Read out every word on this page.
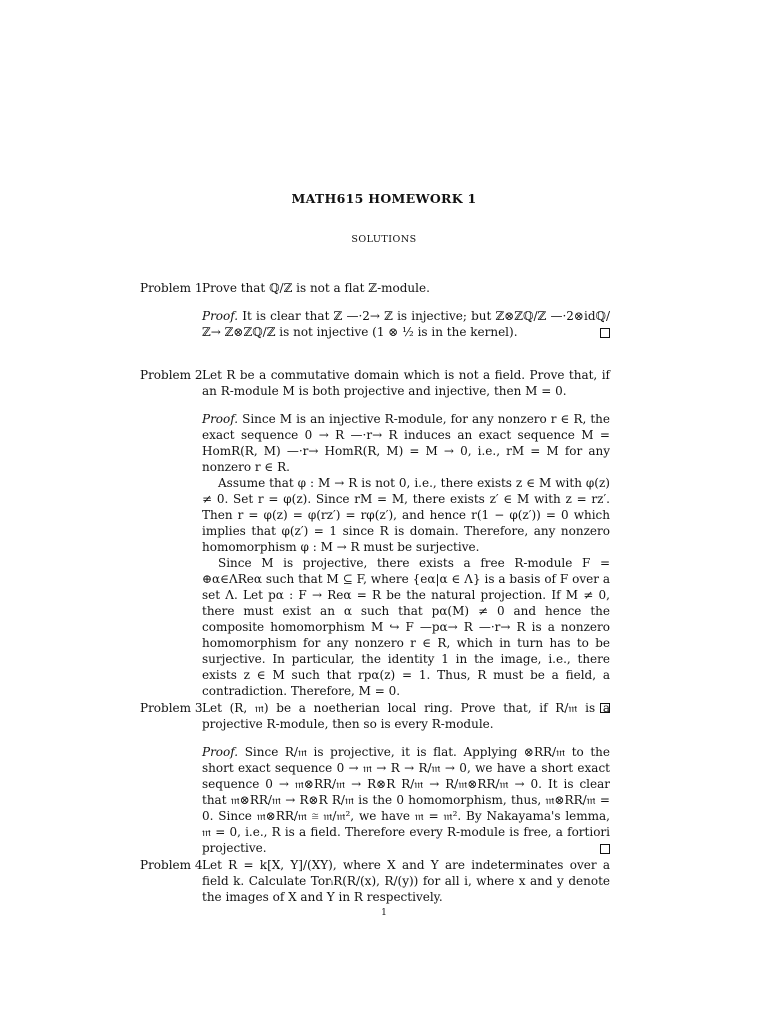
MATH615 HOMEWORK 1
SOLUTIONS
Problem 1 Prove that ℚ/ℤ is not a flat ℤ-module.

Proof. It is clear that ℤ —·2→ ℤ is injective; but ℤ⊗ℤℚ/ℤ —·2⊗idℚ/ℤ→ ℤ⊗ℤℚ/ℤ is not injective (1 ⊗ ½ is in the kernel).

Problem 2 Let R be a commutative domain which is not a field. Prove that, if an R-module M is both projective and injective, then M = 0.

Proof. Since M is an injective R-module, for any nonzero r ∈ R, the exact sequence 0 → R —·r→ R induces an exact sequence M = HomR(R, M) —·r→ HomR(R, M) = M → 0, i.e., rM = M for any nonzero r ∈ R.

Assume that φ : M → R is not 0, i.e., there exists z ∈ M with φ(z) ≠ 0. Set r = φ(z). Since rM = M, there exists z′ ∈ M with z = rz′. Then r = φ(z) = φ(rz′) = rφ(z′), and hence r(1 − φ(z′)) = 0 which implies that φ(z′) = 1 since R is domain. Therefore, any nonzero homomorphism φ : M → R must be surjective.

Since M is projective, there exists a free R-module F = ⊕α∈ΛReα such that M ⊆ F, where {eα|α ∈ Λ} is a basis of F over a set Λ. Let pα : F → Reα = R be the natural projection. If M ≠ 0, there must exist an α such that pα(M) ≠ 0 and hence the composite homomorphism M ↪ F —pα→ R —·r→ R is a nonzero homomorphism for any nonzero r ∈ R, which in turn has to be surjective. In particular, the identity 1 in the image, i.e., there exists z ∈ M such that rpα(z) = 1. Thus, R must be a field, a contradiction. Therefore, M = 0.

Problem 3 Let (R, 𝔪) be a noetherian local ring. Prove that, if R/𝔪 is a projective R-module, then so is every R-module.

Proof. Since R/𝔪 is projective, it is flat. Applying ⊗RR/𝔪 to the short exact sequence 0 → 𝔪 → R → R/𝔪 → 0, we have a short exact sequence 0 → 𝔪⊗RR/𝔪 → R⊗R R/𝔪 → R/𝔪⊗RR/𝔪 → 0. It is clear that 𝔪⊗RR/𝔪 → R⊗R R/𝔪 is the 0 homomorphism, thus, 𝔪⊗RR/𝔪 = 0. Since 𝔪⊗RR/𝔪 ≅ 𝔪/𝔪², we have 𝔪 = 𝔪². By Nakayama's lemma, 𝔪 = 0, i.e., R is a field. Therefore every R-module is free, a fortiori projective.

Problem 4 Let R = k[X, Y]/(XY), where X and Y are indeterminates over a field k. Calculate TorᵢR(R/(x), R/(y)) for all i, where x and y denote the images of X and Y in R respectively.
1
